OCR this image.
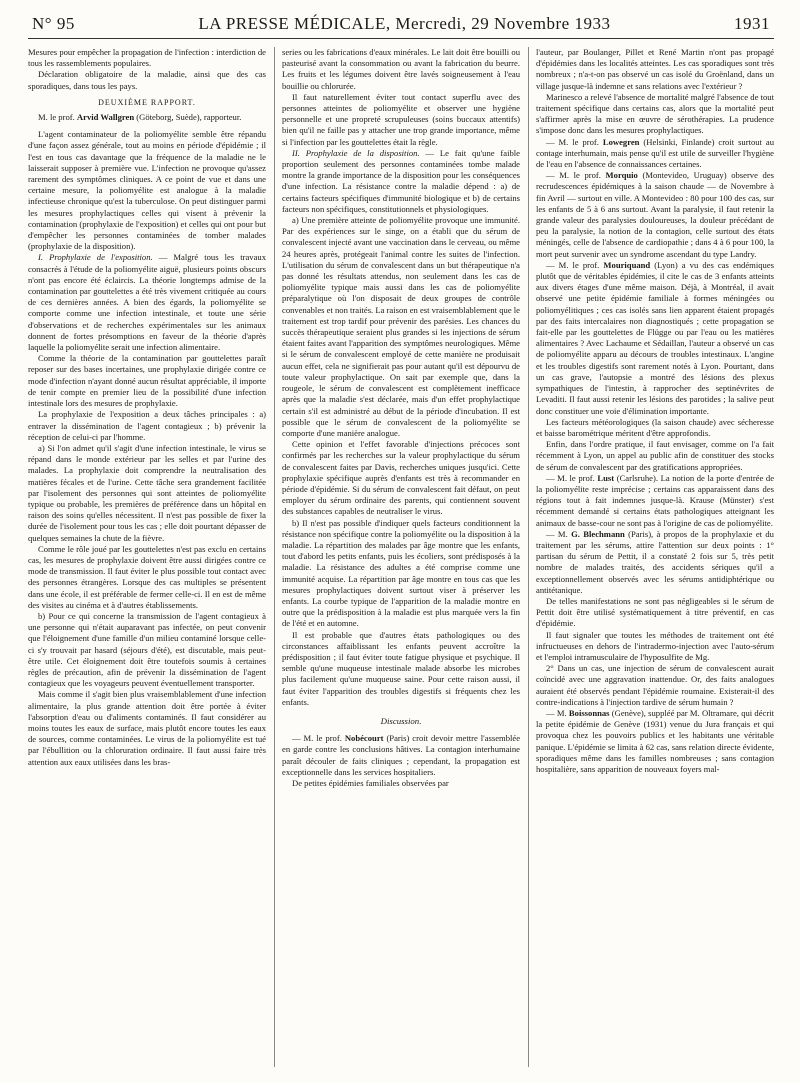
N° 95	LA PRESSE MÉDICALE, Mercredi, 29 Novembre 1933	1931

Mesures pour empêcher la propagation de l'infection : interdiction de tous les rassemblements populaires.

Déclaration obligatoire de la maladie, ainsi que des cas sporadiques, dans tous les pays.

DEUXIÈME RAPPORT.

M. le prof. Arvid Wallgren (Göteborg, Suède), rapporteur.

L'agent contaminateur de la poliomyélite semble être répandu d'une façon assez générale, tout au moins en période d'épidémie ; il l'est en tous cas davantage que la fréquence de la maladie ne le laisserait supposer à première vue. L'infection ne provoque qu'assez rarement des symptômes cliniques. A ce point de vue et dans une certaine mesure, la poliomyélite est analogue à la maladie infectieuse chronique qu'est la tuberculose. On peut distinguer parmi les mesures prophylactiques celles qui visent à prévenir la contamination (prophylaxie de l'exposition) et celles qui ont pour but d'empêcher les personnes contaminées de tomber malades (prophylaxie de la disposition).

I. Prophylaxie de l'exposition. — Malgré tous les travaux consacrés à l'étude de la poliomyélite aiguë, plusieurs points obscurs n'ont pas encore été éclaircis. La théorie longtemps admise de la contamination par gouttelettes a été très vivement critiquée au cours de ces dernières années. A bien des égards, la poliomyélite se comporte comme une infection intestinale, et toute une série d'observations et de recherches expérimentales sur les animaux donnent de fortes présomptions en faveur de la théorie d'après laquelle la poliomyélite serait une infection alimentaire.

Comme la théorie de la contamination par gouttelettes paraît reposer sur des bases incertaines, une prophylaxie dirigée contre ce mode d'infection n'ayant donné aucun résultat appréciable, il importe de tenir compte en premier lieu de la possibilité d'une infection intestinale lors des mesures de prophylaxie.

La prophylaxie de l'exposition a deux tâches principales : a) entraver la dissémination de l'agent contagieux ; b) prévenir la réception de celui-ci par l'homme.

a) Si l'on admet qu'il s'agit d'une infection intestinale, le virus se répand dans le monde extérieur par les selles et par l'urine des malades. La prophylaxie doit comprendre la neutralisation des matières fécales et de l'urine. Cette tâche sera grandement facilitée par l'isolement des personnes qui sont atteintes de poliomyélite typique ou probable, les premières de préférence dans un hôpital en raison des soins qu'elles nécessitent. Il n'est pas possible de fixer la durée de l'isolement pour tous les cas ; elle doit pourtant dépasser de quelques semaines la chute de la fièvre.

Comme le rôle joué par les gouttelettes n'est pas exclu en certains cas, les mesures de prophylaxie doivent être aussi dirigées contre ce mode de transmission. Il faut éviter le plus possible tout contact avec des personnes étrangères. Lorsque des cas multiples se présentent dans une école, il est préférable de fermer celle-ci. Il en est de même des visites au cinéma et à d'autres établissements.

b) Pour ce qui concerne la transmission de l'agent contagieux à une personne qui n'était auparavant pas infectée, on peut convenir que l'éloignement d'une famille d'un milieu contaminé lorsque celle-ci s'y trouvait par hasard (séjours d'été), est discutable, mais peut-être utile. Cet éloignement doit être toutefois soumis à certaines règles de précaution, afin de prévenir la dissémination de l'agent contagieux que les voyageurs peuvent éventuellement transporter.

Mais comme il s'agit bien plus vraisemblablement d'une infection alimentaire, la plus grande attention doit être portée à éviter l'absorption d'eau ou d'aliments contaminés. Il faut considérer au moins toutes les eaux de surface, mais plutôt encore toutes les eaux de sources, comme contaminées. Le virus de la poliomyélite est tué par l'ébullition ou la chloruration ordinaire. Il faut aussi faire très attention aux eaux utilisées dans les bras-

series ou les fabrications d'eaux minérales. Le lait doit être bouilli ou pasteurisé avant la consommation ou avant la fabrication du beurre. Les fruits et les légumes doivent être lavés soigneusement à l'eau bouillie ou chlorurée.

Il faut naturellement éviter tout contact superflu avec des personnes atteintes de poliomyélite et observer une hygiène personnelle et une propreté scrupuleuses (soins buccaux attentifs) bien qu'il ne faille pas y attacher une trop grande importance, même si l'infection par les gouttelettes était la règle.

II. Prophylaxie de la disposition. — Le fait qu'une faible proportion seulement des personnes contaminées tombe malade montre la grande importance de la disposition pour les conséquences d'une infection. La résistance contre la maladie dépend : a) de certains facteurs spécifiques d'immunité biologique et b) de certains facteurs non spécifiques, constitutionnels et physiologiques.

a) Une première atteinte de poliomyélite provoque une immunité. Par des expériences sur le singe, on a établi que du sérum de convalescent injecté avant une vaccination dans le cerveau, ou même 24 heures après, protégeait l'animal contre les suites de l'infection. L'utilisation du sérum de convalescent dans un but thérapeutique n'a pas donné les résultats attendus, non seulement dans les cas de poliomyélite typique mais aussi dans les cas de poliomyélite préparalytique où l'on disposait de deux groupes de contrôle convenables et non traités. La raison en est vraisemblablement que le traitement est trop tardif pour prévenir des parésies. Les chances du succès thérapeutique seraient plus grandes si les injections de sérum étaient faites avant l'apparition des symptômes neurologiques. Même si le sérum de convalescent employé de cette manière ne produisait aucun effet, cela ne signifierait pas pour autant qu'il est dépourvu de toute valeur prophylactique. On sait par exemple que, dans la rougeole, le sérum de convalescent est complètement inefficace après que la maladie s'est déclarée, mais d'un effet prophylactique certain s'il est administré au début de la période d'incubation. Il est possible que le sérum de convalescent de la poliomyélite se comporte d'une manière analogue.

Cette opinion et l'effet favorable d'injections précoces sont confirmés par les recherches sur la valeur prophylactique du sérum de convalescent faites par Davis, recherches uniques jusqu'ici. Cette prophylaxie spécifique auprès d'enfants est très à recommander en période d'épidémie. Si du sérum de convalescent fait défaut, on peut employer du sérum ordinaire des parents, qui contiennent souvent des substances capables de neutraliser le virus.

b) Il n'est pas possible d'indiquer quels facteurs conditionnent la résistance non spécifique contre la poliomyélite ou la disposition à la maladie. La répartition des malades par âge montre que les enfants, tout d'abord les petits enfants, puis les écoliers, sont prédisposés à la maladie. La résistance des adultes a été comprise comme une immunité acquise. La répartition par âge montre en tous cas que les mesures prophylactiques doivent surtout viser à préserver les enfants. La courbe typique de l'apparition de la maladie montre en outre que la prédisposition à la maladie est plus marquée vers la fin de l'été et en automne.

Il est probable que d'autres états pathologiques ou des circonstances affaiblissant les enfants peuvent accroître la prédisposition ; il faut éviter toute fatigue physique et psychique. Il semble qu'une muqueuse intestinale malade absorbe les microbes plus facilement qu'une muqueuse saine. Pour cette raison aussi, il faut éviter l'apparition des troubles digestifs si fréquents chez les enfants.

Discussion.

— M. le prof. Nobécourt (Paris) croit devoir mettre l'assemblée en garde contre les conclusions hâtives. La contagion interhumaine paraît découler de faits cliniques ; cependant, la propagation est exceptionnelle dans les services hospitaliers.

De petites épidémies familiales observées par

l'auteur, par Boulanger, Pillet et René Martin n'ont pas propagé d'épidémies dans les localités atteintes. Les cas sporadiques sont très nombreux ; n'a-t-on pas observé un cas isolé du Groënland, dans un village jusque-là indemne et sans relations avec l'extérieur ?

Marinesco a relevé l'absence de mortalité malgré l'absence de tout traitement spécifique dans certains cas, alors que la mortalité peut s'affirmer après la mise en œuvre de sérothérapies. La prudence s'impose donc dans les mesures prophylactiques.

— M. le prof. Lowegren (Helsinki, Finlande) croit surtout au contage interhumain, mais pense qu'il est utile de surveiller l'hygiène de l'eau en l'absence de connaissances certaines.

— M. le prof. Morquio (Montevideo, Uruguay) observe des recrudescences épidémiques à la saison chaude — de Novembre à fin Avril — surtout en ville. A Montevideo : 80 pour 100 des cas, sur les enfants de 5 à 6 ans surtout. Avant la paralysie, il faut retenir la grande valeur des paralysies douloureuses, la douleur précédant de peu la paralysie, la notion de la contagion, celle surtout des états méningés, celle de l'absence de cardiopathie ; dans 4 à 6 pour 100, la mort peut survenir avec un syndrome ascendant du type Landry.

— M. le prof. Mouriquand (Lyon) a vu des cas endémiques plutôt que de véritables épidémies, il cite le cas de 3 enfants atteints aux divers étages d'une même maison. Déjà, à Montréal, il avait observé une petite épidémie familiale à formes méningées ou poliomyélitiques ; ces cas isolés sans lien apparent étaient propagés par des faits intercalaires non diagnostiqués ; cette propagation se fait-elle par les gouttelettes de Flügge ou par l'eau ou les matières alimentaires ? Avec Lachaume et Sédaillan, l'auteur a observé un cas de poliomyélite apparu au décours de troubles intestinaux. L'angine et les troubles digestifs sont rarement notés à Lyon. Pourtant, dans un cas grave, l'autopsie a montré des lésions des plexus sympathiques de l'intestin, à rapprocher des septinévrites de Levaditi. Il faut aussi retenir les lésions des parotides ; la salive peut donc constituer une voie d'élimination importante.

Les facteurs météorologiques (la saison chaude) avec sécheresse et baisse barométrique méritent d'être approfondis.

Enfin, dans l'ordre pratique, il faut envisager, comme on l'a fait récemment à Lyon, un appel au public afin de constituer des stocks de sérum de convalescent par des gratifications appropriées.

— M. le prof. Lust (Carlsruhe). La notion de la porte d'entrée de la poliomyélite reste imprécise ; certains cas apparaissent dans des régions tout à fait indemnes jusque-là. Krause (Münster) s'est récemment demandé si certains états pathologiques atteignant les animaux de basse-cour ne sont pas à l'origine de cas de poliomyélite.

— M. G. Blechmann (Paris), à propos de la prophylaxie et du traitement par les sérums, attire l'attention sur deux points : 1° partisan du sérum de Pettit, il a constaté 2 fois sur 5, très petit nombre de malades traités, des accidents sériques qu'il a exceptionnellement observés avec les sérums antidiphtérique ou antitétanique.

De telles manifestations ne sont pas négligeables si le sérum de Pettit doit être utilisé systématiquement à titre préventif, en cas d'épidémie.

Il faut signaler que toutes les méthodes de traitement ont été infructueuses en dehors de l'intradermo-injection avec l'auto-sérum et l'emploi intramusculaire de l'hyposulfite de Mg.

2° Dans un cas, une injection de sérum de convalescent aurait coïncidé avec une aggravation inattendue. Or, des faits analogues auraient été observés pendant l'épidémie roumaine. Existerait-il des contre-indications à l'injection tardive de sérum humain ?

— M. Boissonnas (Genève), suppléé par M. Oltramare, qui décrit la petite épidémie de Genève (1931) venue du Jura français et qui provoqua chez les pouvoirs publics et les habitants une véritable panique. L'épidémie se limita à 62 cas, sans relation directe évidente, sporadiques même dans les familles nombreuses ; sans contagion hospitalière, sans apparition de nouveaux foyers mal-
